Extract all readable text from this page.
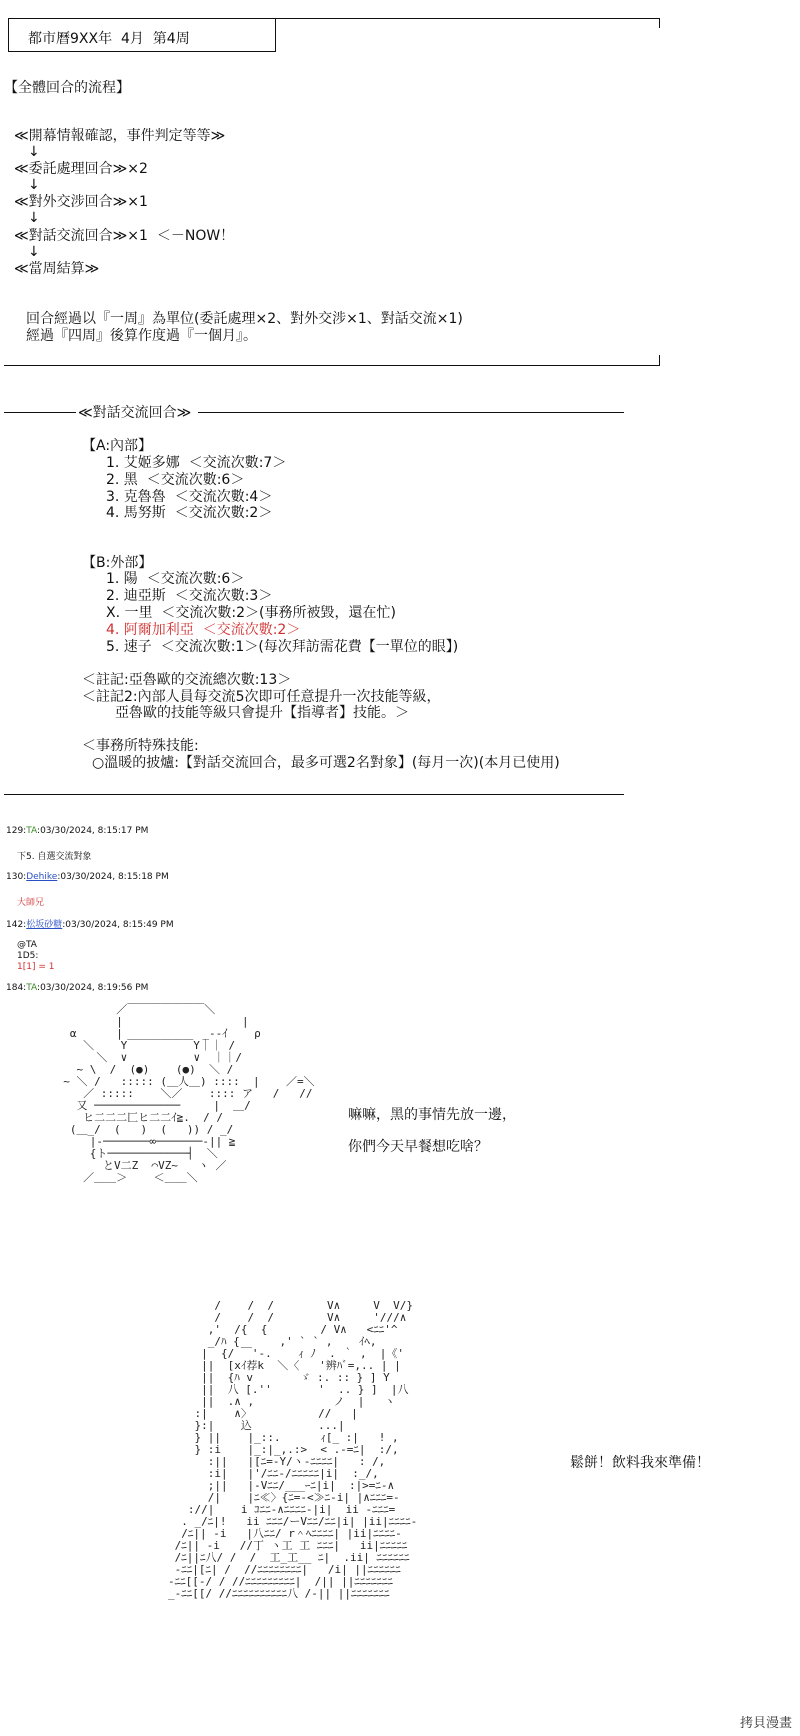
都市曆9XX年  4月  第4周
【全體回合的流程】
≪開幕情報確認，事件判定等等≫
↓
≪委託處理回合≫×2
↓
≪對外交涉回合≫×1
↓
≪對話交流回合≫×1  ＜－NOW！
↓
≪當周結算≫
回合經過以『一周』為單位(委託處理×2、對外交涉×1、對話交流×1)
經過『四周』後算作度過『一個月』。
≪對話交流回合≫
【A:內部】
1. 艾姬多娜  ＜交流次數:7＞
2. 黑  ＜交流次數:6＞
3. 克魯魯  ＜交流次數:4＞
4. 馬努斯  ＜交流次數:2＞
【B:外部】
1. 陽  ＜交流次數:6＞
2. 迪亞斯  ＜交流次數:3＞
X. 一里  ＜交流次數:2＞(事務所被毀，還在忙)
4. 阿爾加利亞  ＜交流次數:2＞
5. 速子  ＜交流次數:1＞(每次拜訪需花費【一單位的眼】)
＜註記:亞魯歐的交流總次數:13＞
＜註記2:內部人員每交流5次即可任意提升一次技能等級，
亞魯歐的技能等級只會提升【指導者】技能。＞
＜事務所特殊技能:
○溫暖的披爐:【對話交流回合，最多可選2名對象】(每月一次)(本月已使用)
129:TA:03/30/2024, 8:15:17 PM
下5. 自選交流對象
130:Dehike:03/30/2024, 8:15:18 PM
大師兄
142:松坂砂糖:03/30/2024, 8:15:49 PM
@TA
1D5:
1[1] = 1
184:TA:03/30/2024, 8:19:56 PM
／￣￣￣￣￣￣￣＼
|                  |
α      |            _-‐ｲ    ρ
＼    Y￣￣￣￣￣￣Y｜｜ /
＼  ∨          ∨  ｜｜/
~ \  /  (●)    (●)  ＼ /
~ ＼ /   ::::: (＿人＿) ::::  |    ／=＼
／ :::::    ＼／    :::: ア   /   //
又 ─────────────     |  ＿/
ヒ二二二匚ヒ二二ｲ≧.  / /
(＿_/  (   )  (   )) / _/
|-───────∞───────-|| ≧
{ト────────────┤  ＼
とV二Z  ⌒VZ~   ヽ ／
／＿＿＞    ＜＿＿＼
嘛嘛，黑的事情先放一邊，
你們今天早餐想吃啥？
/    /  /        V∧     V  V/}
/    /  /        V∧     '///∧
,'  /{  {        / V∧   <ﾆﾆ'^
_/ﾊ {      ,' ` ` ,    ｲﾍ,
|  {/ ￣'-.    ｨ ﾉ  . ｀ ,  |《'
||  [xｲ荐k  ＼〈   '辨ﾊﾞ=,.. | |
||  {ﾊ v       ゞ :. :: } ] Y
||  八 [.''       '  .. } ]  |八
||  .∧ ,            ノ  |   ヽ
:|    ∧〉          //   |
}:|    込          ...|
} ||    |_::.      ｨ[_ :|   ! ,
} :i    |_:|_,.:>  < .-=ﾆ|  :/,
:||   |[ﾆ=-Y/ヽ-ﾆﾆﾆﾆ|   : /,
:i|   |'/ﾆﾆ-/ﾆﾆﾆﾆﾆ|i|  :_/,
;||   |-Vﾆﾆ/___ｰﾆ|i|  :|>=ﾆ-∧
/|    |ﾆ≪〉{ﾆ=-<≫ﾆ-i| |∧ﾆﾆﾆ=-
://|    i ｺﾆﾆ-∧ﾆﾆﾆﾆ-|i|  ii -ﾆﾆﾆ=
. _/ﾆ|!   ii ﾆﾆﾆ/ーVﾆﾆ/ﾆﾆ|i| |ii|ﾆﾆﾆﾆ-
/ﾆ|| -i   |八ﾆﾆ/ r＾ﾍﾆﾆﾆﾆ| |ii|ﾆﾆﾆﾆ-
/ﾆ|| -i   //丁 ヽ工 工 ﾆﾆﾆ|   ii|ﾆﾆﾆﾆﾆ
/ﾆ||ﾆ八/ /  /  工_工__ ﾆ|  .ii| ﾆﾆﾆﾆﾆﾆ
-ﾆﾆ|[ﾆ| /  //ﾆﾆﾆﾆﾆﾆﾆﾆ|   /i| ||ﾆﾆﾆﾆﾆﾆ
-ﾆﾆ[[-/ / //ﾆﾆﾆﾆﾆﾆﾆﾆﾆ|  /|| ||ﾆﾆﾆﾆﾆﾆﾆ
_-ﾆﾆ[[/ //ﾆﾆﾆﾆﾆﾆﾆﾆﾆﾆ八 /-|| ||ﾆﾆﾆﾆﾆﾆﾆ
鬆餅！飲料我來準備！
拷貝漫畫
